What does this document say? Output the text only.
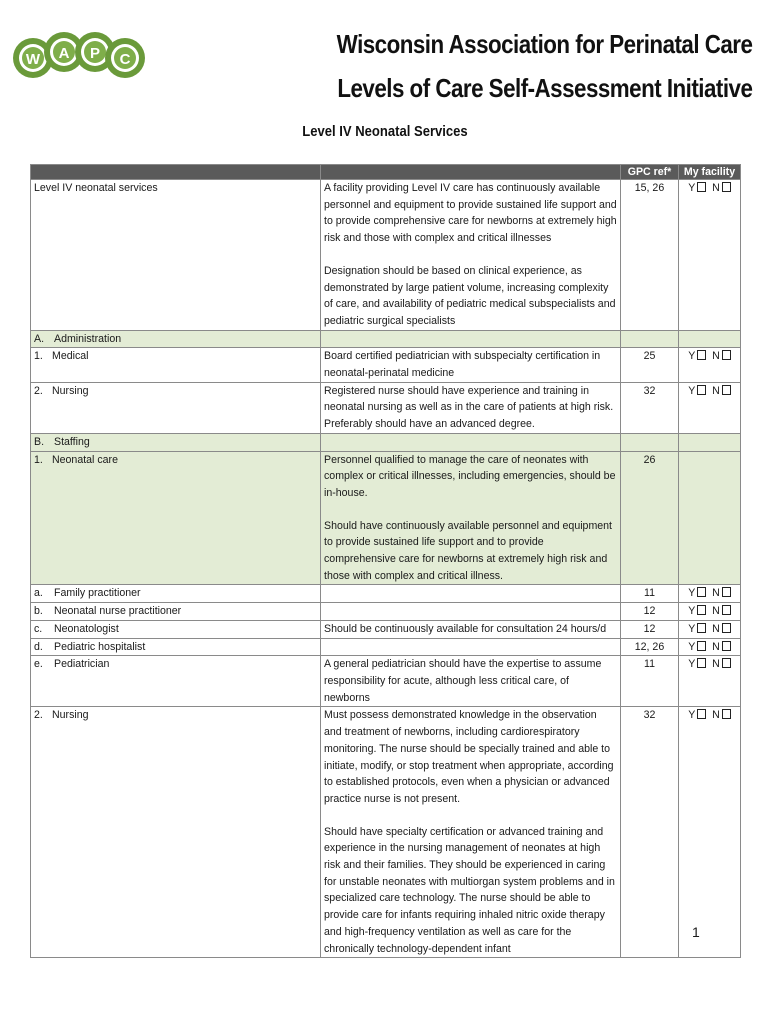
W A P C
Wisconsin Association for Perinatal Care
Levels of Care Self-Assessment Initiative
Level IV Neonatal Services
		GPC ref*	My facility
Level IV neonatal services	A facility providing Level IV care has continuously available personnel and equipment to provide sustained life support and to provide comprehensive care for newborns at extremely high risk and those with complex and critical illnesses
Designation should be based on clinical experience, as demonstrated by large patient volume, increasing complexity of care, and availability of pediatric medical subspecialists and pediatric surgical specialists	15, 26	Y N
A. Administration			
1. Medical	Board certified pediatrician with subspecialty certification in neonatal-perinatal medicine	25	Y N
2. Nursing	Registered nurse should have experience and training in neonatal nursing as well as in the care of patients at high risk. Preferably should have an advanced degree.	32	Y N
B. Staffing			
1. Neonatal care	Personnel qualified to manage the care of neonates with complex or critical illnesses, including emergencies, should be in-house.
Should have continuously available personnel and equipment to provide sustained life support and to provide comprehensive care for newborns at extremely high risk and those with complex and critical illness.	26	
a. Family practitioner		11	Y N
b. Neonatal nurse practitioner		12	Y N
c. Neonatologist	Should be continuously available for consultation 24 hours/d	12	Y N
d. Pediatric hospitalist		12, 26	Y N
e. Pediatrician	A general pediatrician should have the expertise to assume responsibility for acute, although less critical care, of newborns	11	Y N
2. Nursing	Must possess demonstrated knowledge in the observation and treatment of newborns, including cardiorespiratory monitoring. The nurse should be specially trained and able to initiate, modify, or stop treatment when appropriate, according to established protocols, even when a physician or advanced practice nurse is not present.
Should have specialty certification or advanced training and experience in the nursing management of neonates at high risk and their families. They should be experienced in caring for unstable neonates with multiorgan system problems and in specialized care technology. The nurse should be able to provide care for infants requiring inhaled nitric oxide therapy and high-frequency ventilation as well as care for the chronically technology-dependent infant	32	Y N
1
